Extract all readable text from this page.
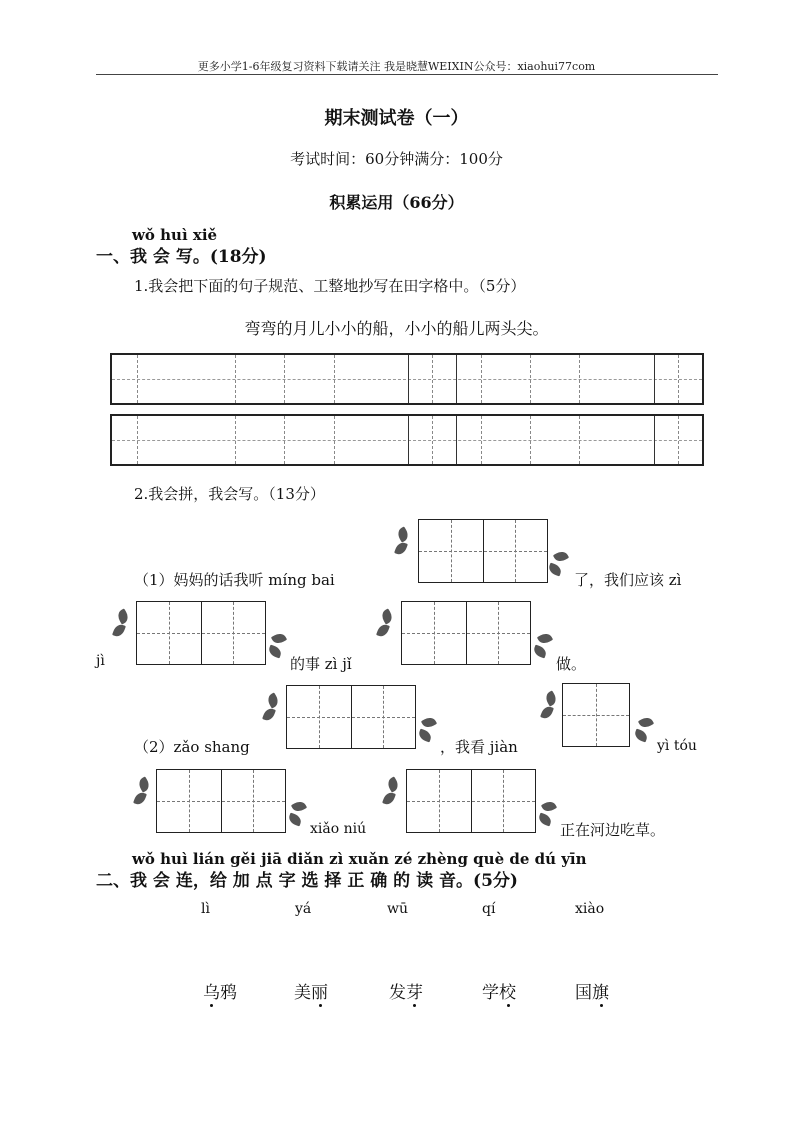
更多小学1-6年级复习资料下载请关注 我是晓慧WEIXIN公众号：xiaohui77com
期末测试卷（一）
考试时间：60分钟满分：100分
积累运用（66分）
wǒ huì xiě
一、我 会 写。(18分)
1.我会把下面的句子规范、工整地抄写在田字格中。（5分）
弯弯的月儿小小的船，小小的船儿两头尖。
2.我会拼，我会写。（13分）
（1）妈妈的话我听 míng bai	了，我们应该 zì
jì	的事 zì jǐ	做。
（2）zǎo shang	，我看 jiàn	yì tóu
xiǎo niú	正在河边吃草。
wǒ huì lián gěi jiā diǎn zì xuǎn zé zhèng què de dú yīn
二、我 会 连，给 加 点 字 选 择 正 确 的 读 音。(5分)
lì	yá	wū	qí	xiào
乌鸦	美丽	发芽	学校	国旗
